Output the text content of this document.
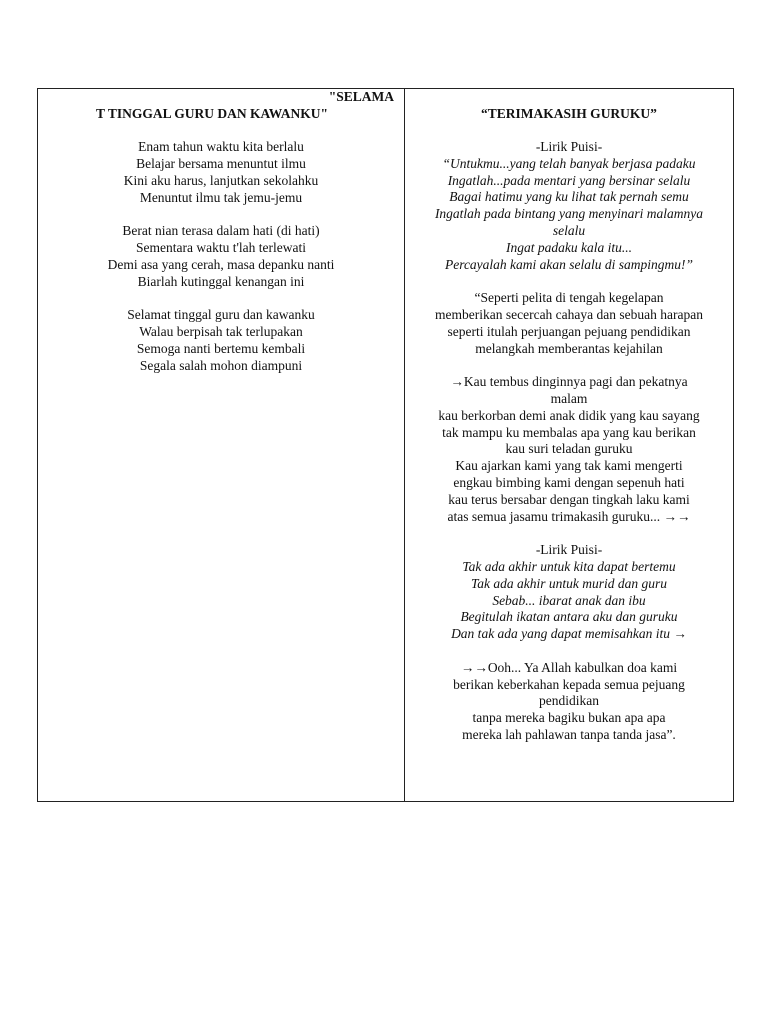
"SELAMA
T TINGGAL GURU DAN KAWANKU"
Enam tahun waktu kita berlalu
Belajar bersama menuntut ilmu
Kini aku harus, lanjutkan sekolahku
Menuntut ilmu tak jemu-jemu
Berat nian terasa dalam hati (di hati)
Sementara waktu t'lah terlewati
Demi asa yang cerah, masa depanku nanti
Biarlah kutinggal kenangan ini
Selamat tinggal guru dan kawanku
Walau berpisah tak terlupakan
Semoga nanti bertemu kembali
Segala salah mohon diampuni
“TERIMAKASIH GURUKU”
-Lirik Puisi-
“Untukmu...yang telah banyak berjasa padaku
Ingatlah...pada mentari yang bersinar selalu
Bagai hatimu yang ku lihat tak pernah semu
Ingatlah pada bintang yang menyinari malamnya
selalu
Ingat padaku kala itu...
Percayalah kami akan selalu di sampingmu!”
“Seperti pelita di tengah kegelapan
memberikan secercah cahaya dan sebuah harapan
seperti itulah perjuangan pejuang pendidikan
melangkah memberantas kejahilan
→Kau tembus dinginnya pagi dan pekatnya
malam
kau berkorban demi anak didik yang kau sayang
tak mampu ku membalas apa yang kau berikan
kau suri teladan guruku
Kau ajarkan kami yang tak kami mengerti
engkau bimbing kami dengan sepenuh hati
kau terus bersabar dengan tingkah laku kami
atas semua jasamu trimakasih guruku... →→
-Lirik Puisi-
Tak ada akhir untuk kita dapat bertemu
Tak ada akhir untuk murid dan guru
Sebab... ibarat anak dan ibu
Begitulah ikatan antara aku dan guruku
Dan tak ada yang dapat memisahkan itu →
→→Ooh... Ya Allah kabulkan doa kami
berikan keberkahan kepada semua pejuang
pendidikan
tanpa mereka bagiku bukan apa apa
mereka lah pahlawan tanpa tanda jasa”.
